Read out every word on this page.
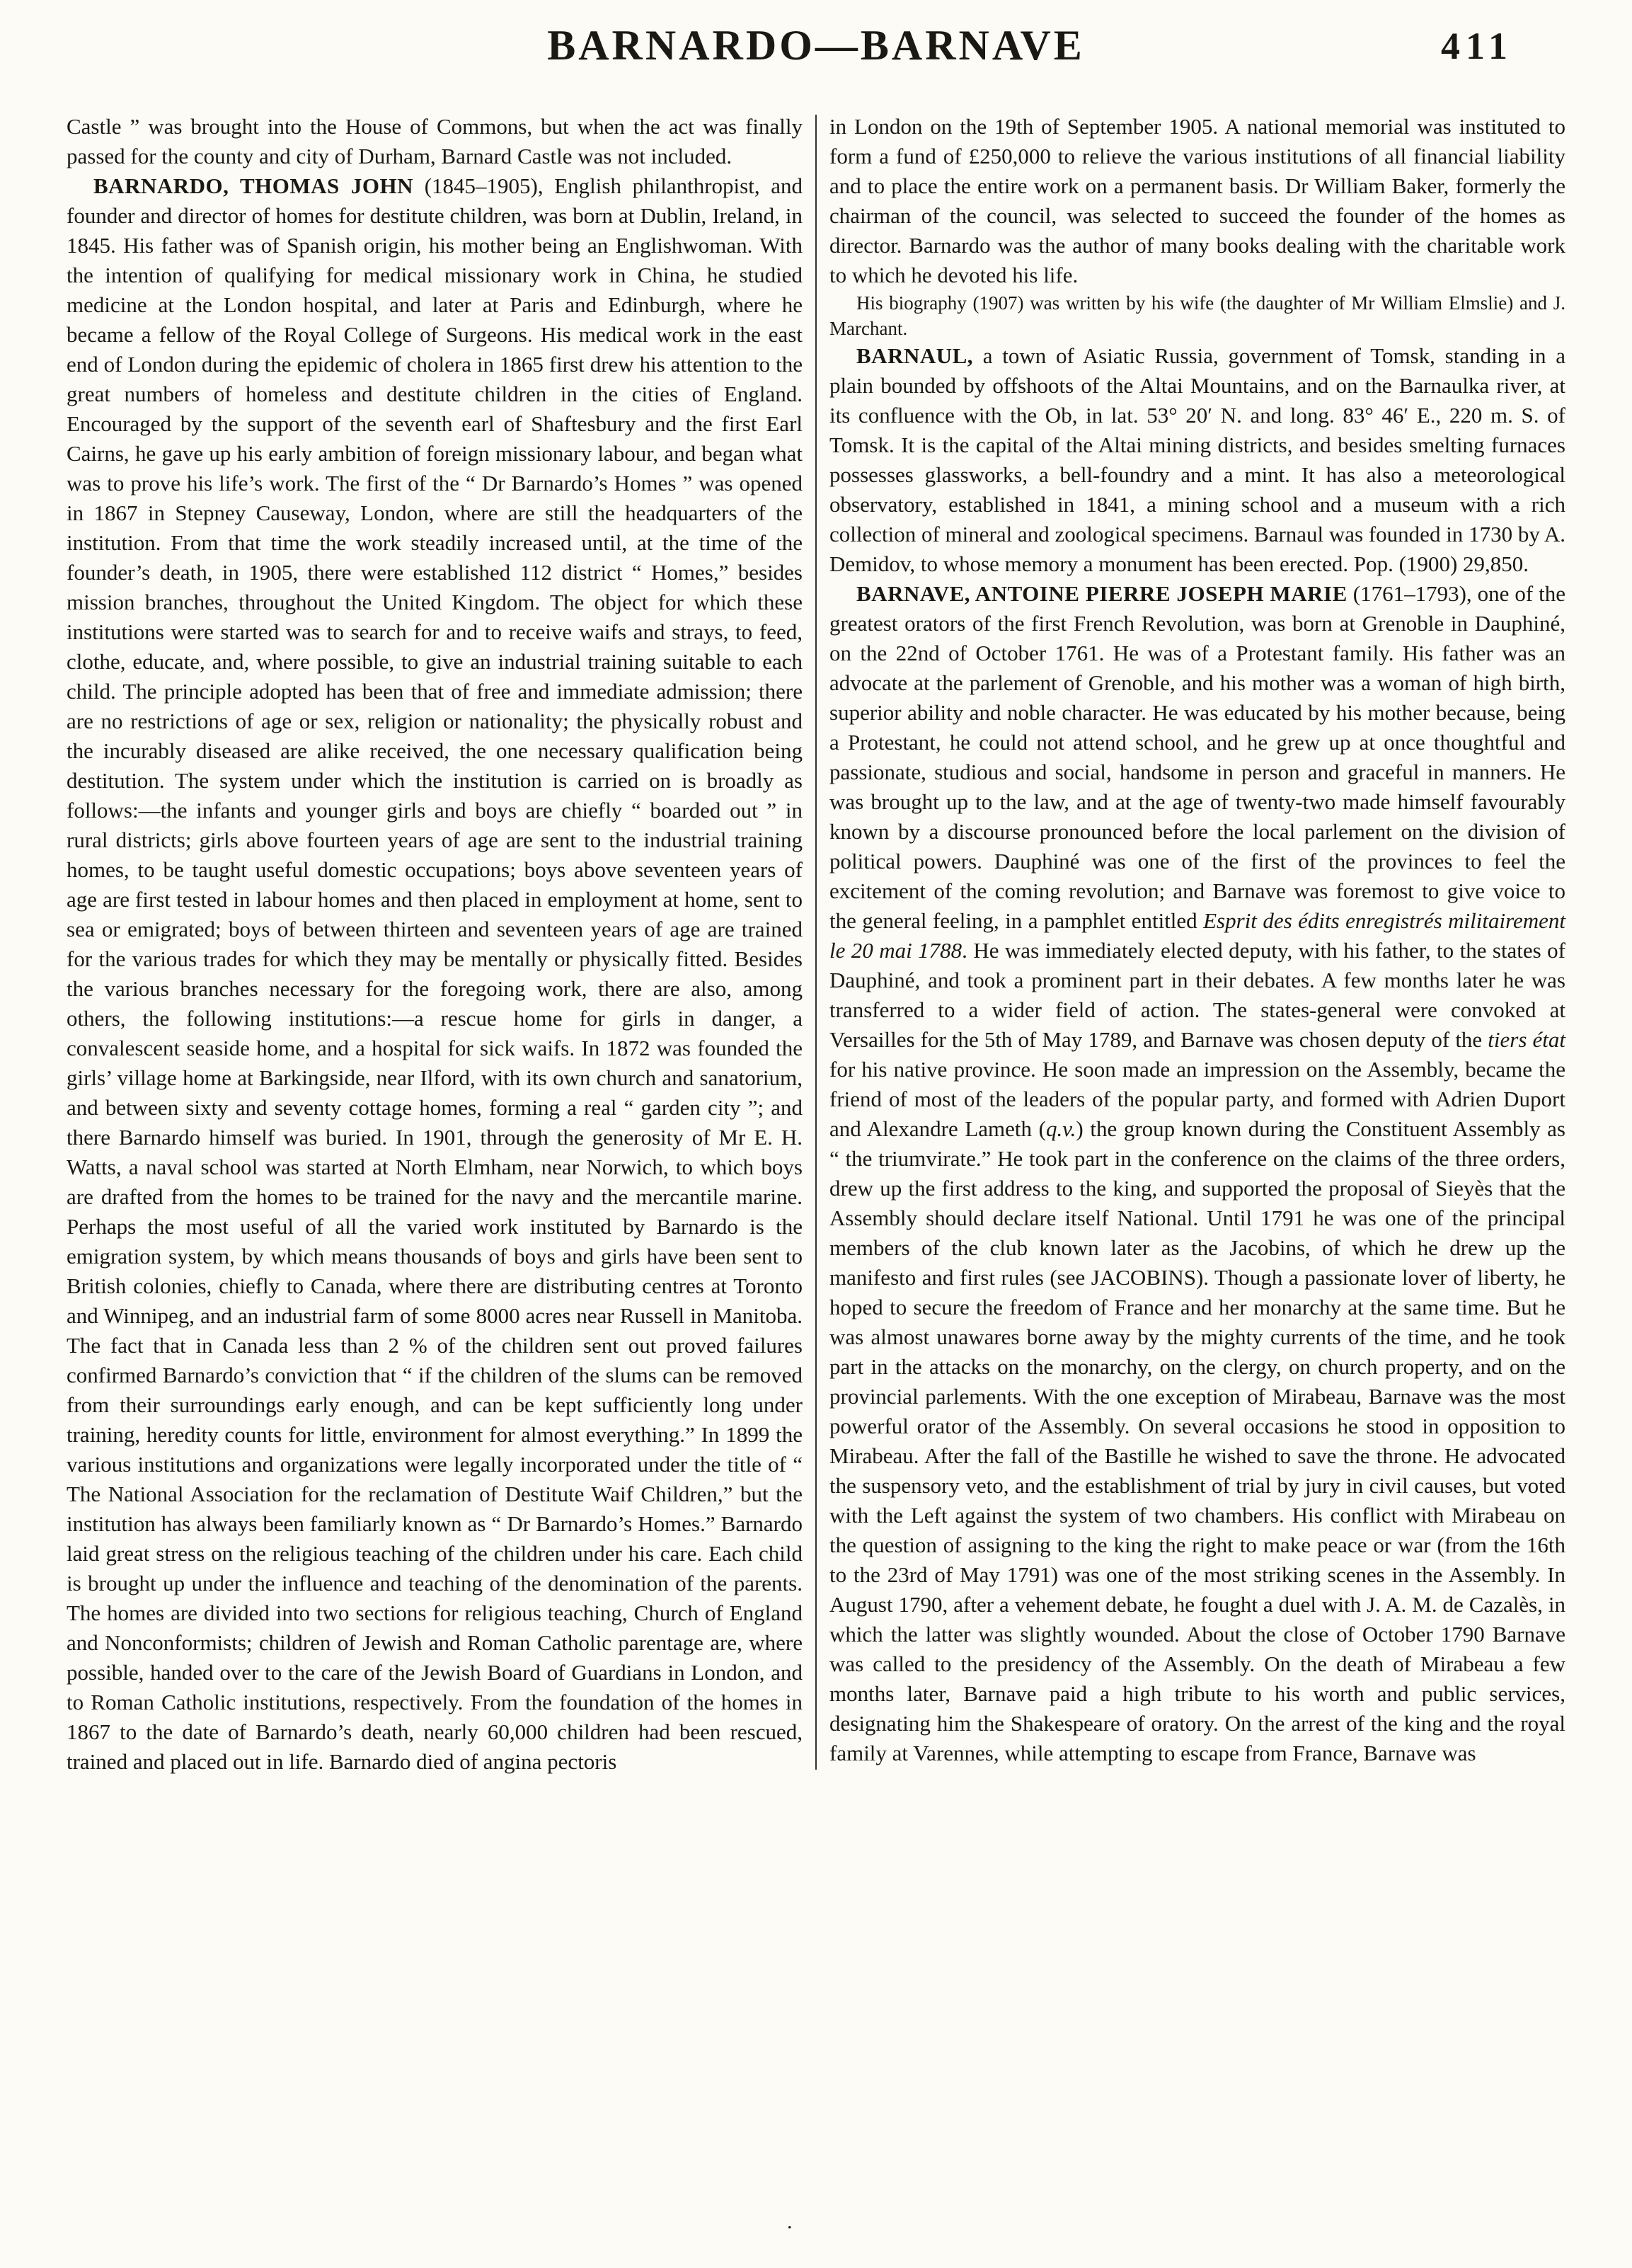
BARNARDO—BARNAVE	411

Castle ” was brought into the House of Commons, but when the act was finally passed for the county and city of Durham, Barnard Castle was not included.

BARNARDO, THOMAS JOHN (1845–1905), English philanthropist, and founder and director of homes for destitute children, was born at Dublin, Ireland, in 1845. His father was of Spanish origin, his mother being an Englishwoman. With the intention of qualifying for medical missionary work in China, he studied medicine at the London hospital, and later at Paris and Edinburgh, where he became a fellow of the Royal College of Surgeons. His medical work in the east end of London during the epidemic of cholera in 1865 first drew his attention to the great numbers of homeless and destitute children in the cities of England. Encouraged by the support of the seventh earl of Shaftesbury and the first Earl Cairns, he gave up his early ambition of foreign missionary labour, and began what was to prove his life’s work. The first of the “ Dr Barnardo’s Homes ” was opened in 1867 in Stepney Causeway, London, where are still the headquarters of the institution. From that time the work steadily increased until, at the time of the founder’s death, in 1905, there were established 112 district “ Homes,” besides mission branches, throughout the United Kingdom. The object for which these institutions were started was to search for and to receive waifs and strays, to feed, clothe, educate, and, where possible, to give an industrial training suitable to each child. The principle adopted has been that of free and immediate admission; there are no restrictions of age or sex, religion or nationality; the physically robust and the incurably diseased are alike received, the one necessary qualification being destitution. The system under which the institution is carried on is broadly as follows:—the infants and younger girls and boys are chiefly “ boarded out ” in rural districts; girls above fourteen years of age are sent to the industrial training homes, to be taught useful domestic occupations; boys above seventeen years of age are first tested in labour homes and then placed in employment at home, sent to sea or emigrated; boys of between thirteen and seventeen years of age are trained for the various trades for which they may be mentally or physically fitted. Besides the various branches necessary for the foregoing work, there are also, among others, the following institutions:—a rescue home for girls in danger, a convalescent seaside home, and a hospital for sick waifs. In 1872 was founded the girls’ village home at Barkingside, near Ilford, with its own church and sanatorium, and between sixty and seventy cottage homes, forming a real “ garden city ”; and there Barnardo himself was buried. In 1901, through the generosity of Mr E. H. Watts, a naval school was started at North Elmham, near Norwich, to which boys are drafted from the homes to be trained for the navy and the mercantile marine. Perhaps the most useful of all the varied work instituted by Barnardo is the emigration system, by which means thousands of boys and girls have been sent to British colonies, chiefly to Canada, where there are distributing centres at Toronto and Winnipeg, and an industrial farm of some 8000 acres near Russell in Manitoba. The fact that in Canada less than 2 % of the children sent out proved failures confirmed Barnardo’s conviction that “ if the children of the slums can be removed from their surroundings early enough, and can be kept sufficiently long under training, heredity counts for little, environment for almost everything.” In 1899 the various institutions and organizations were legally incorporated under the title of “ The National Association for the reclamation of Destitute Waif Children,” but the institution has always been familiarly known as “ Dr Barnardo’s Homes.” Barnardo laid great stress on the religious teaching of the children under his care. Each child is brought up under the influence and teaching of the denomination of the parents. The homes are divided into two sections for religious teaching, Church of England and Nonconformists; children of Jewish and Roman Catholic parentage are, where possible, handed over to the care of the Jewish Board of Guardians in London, and to Roman Catholic institutions, respectively. From the foundation of the homes in 1867 to the date of Barnardo’s death, nearly 60,000 children had been rescued, trained and placed out in life. Barnardo died of angina pectoris

in London on the 19th of September 1905. A national memorial was instituted to form a fund of £250,000 to relieve the various institutions of all financial liability and to place the entire work on a permanent basis. Dr William Baker, formerly the chairman of the council, was selected to succeed the founder of the homes as director. Barnardo was the author of many books dealing with the charitable work to which he devoted his life.

His biography (1907) was written by his wife (the daughter of Mr William Elmslie) and J. Marchant.

BARNAUL, a town of Asiatic Russia, government of Tomsk, standing in a plain bounded by offshoots of the Altai Mountains, and on the Barnaulka river, at its confluence with the Ob, in lat. 53° 20′ N. and long. 83° 46′ E., 220 m. S. of Tomsk. It is the capital of the Altai mining districts, and besides smelting furnaces possesses glassworks, a bell-foundry and a mint. It has also a meteorological observatory, established in 1841, a mining school and a museum with a rich collection of mineral and zoological specimens. Barnaul was founded in 1730 by A. Demidov, to whose memory a monument has been erected. Pop. (1900) 29,850.

BARNAVE, ANTOINE PIERRE JOSEPH MARIE (1761–1793), one of the greatest orators of the first French Revolution, was born at Grenoble in Dauphiné, on the 22nd of October 1761. He was of a Protestant family. His father was an advocate at the parlement of Grenoble, and his mother was a woman of high birth, superior ability and noble character. He was educated by his mother because, being a Protestant, he could not attend school, and he grew up at once thoughtful and passionate, studious and social, handsome in person and graceful in manners. He was brought up to the law, and at the age of twenty-two made himself favourably known by a discourse pronounced before the local parlement on the division of political powers. Dauphiné was one of the first of the provinces to feel the excitement of the coming revolution; and Barnave was foremost to give voice to the general feeling, in a pamphlet entitled Esprit des édits enregistrés militairement le 20 mai 1788. He was immediately elected deputy, with his father, to the states of Dauphiné, and took a prominent part in their debates. A few months later he was transferred to a wider field of action. The states-general were convoked at Versailles for the 5th of May 1789, and Barnave was chosen deputy of the tiers état for his native province. He soon made an impression on the Assembly, became the friend of most of the leaders of the popular party, and formed with Adrien Duport and Alexandre Lameth (q.v.) the group known during the Constituent Assembly as “ the triumvirate.” He took part in the conference on the claims of the three orders, drew up the first address to the king, and supported the proposal of Sieyès that the Assembly should declare itself National. Until 1791 he was one of the principal members of the club known later as the Jacobins, of which he drew up the manifesto and first rules (see JACOBINS). Though a passionate lover of liberty, he hoped to secure the freedom of France and her monarchy at the same time. But he was almost unawares borne away by the mighty currents of the time, and he took part in the attacks on the monarchy, on the clergy, on church property, and on the provincial parlements. With the one exception of Mirabeau, Barnave was the most powerful orator of the Assembly. On several occasions he stood in opposition to Mirabeau. After the fall of the Bastille he wished to save the throne. He advocated the suspensory veto, and the establishment of trial by jury in civil causes, but voted with the Left against the system of two chambers. His conflict with Mirabeau on the question of assigning to the king the right to make peace or war (from the 16th to the 23rd of May 1791) was one of the most striking scenes in the Assembly. In August 1790, after a vehement debate, he fought a duel with J. A. M. de Cazalès, in which the latter was slightly wounded. About the close of October 1790 Barnave was called to the presidency of the Assembly. On the death of Mirabeau a few months later, Barnave paid a high tribute to his worth and public services, designating him the Shakespeare of oratory. On the arrest of the king and the royal family at Varennes, while attempting to escape from France, Barnave was

.
